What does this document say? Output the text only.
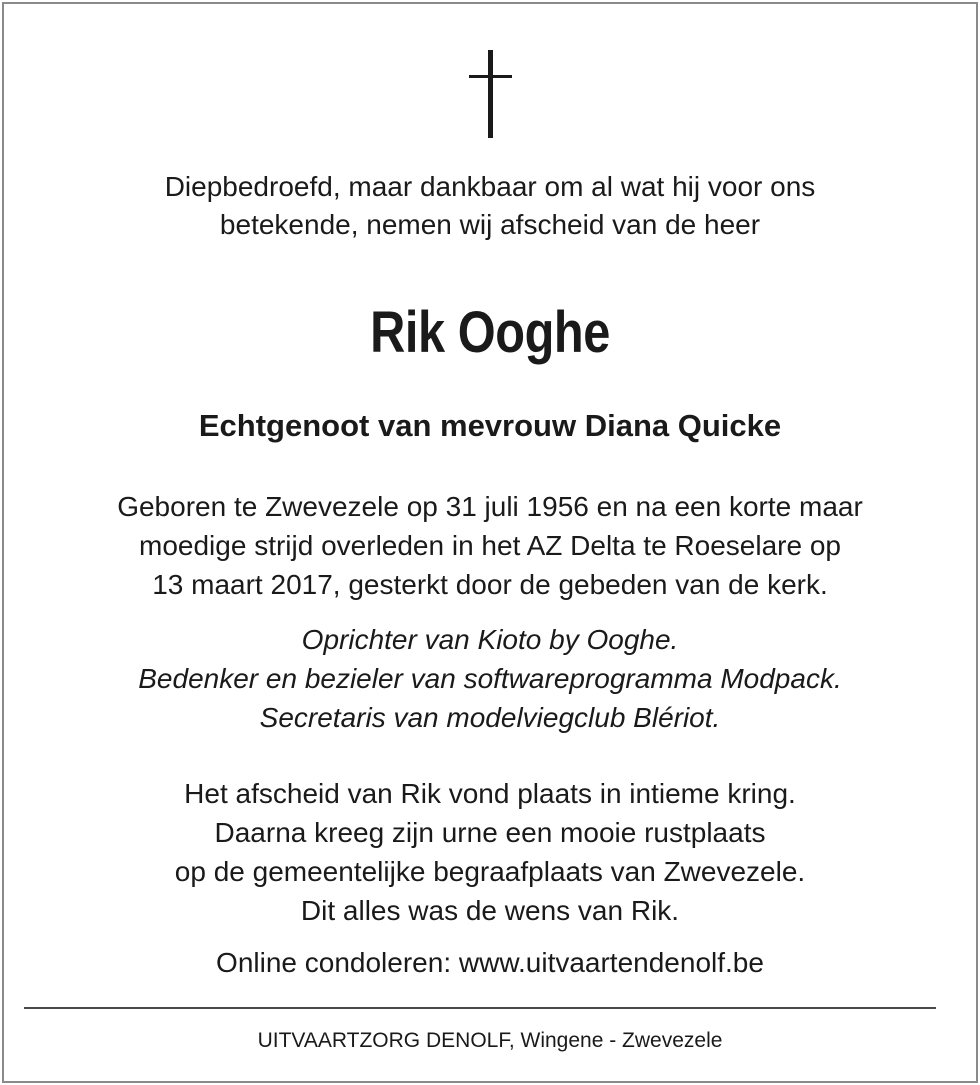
Diepbedroefd, maar dankbaar om al wat hij voor ons
betekende, nemen wij afscheid van de heer

Rik Ooghe
Echtgenoot van mevrouw Diana Quicke

Geboren te Zwevezele op 31 juli 1956 en na een korte maar
moedige strijd overleden in het AZ Delta te Roeselare op
13 maart 2017, gesterkt door de gebeden van de kerk.

Oprichter van Kioto by Ooghe.
Bedenker en bezieler van softwareprogramma Modpack.
Secretaris van modelviegclub Blériot.

Het afscheid van Rik vond plaats in intieme kring.
Daarna kreeg zijn urne een mooie rustplaats
op de gemeentelijke begraafplaats van Zwevezele.
Dit alles was de wens van Rik.

Online condoleren: www.uitvaartendenolf.be

UITVAARTZORG DENOLF, Wingene - Zwevezele
